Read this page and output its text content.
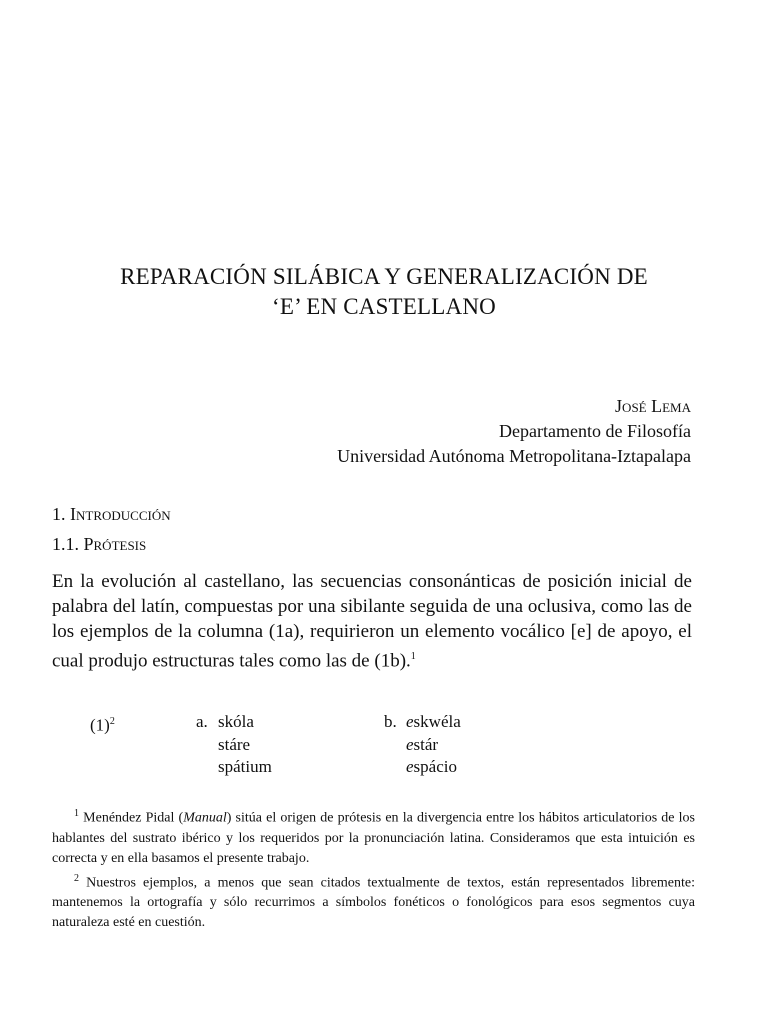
REPARACIÓN SILÁBICA Y GENERALIZACIÓN DE
‘E’ EN CASTELLANO
José Lema
Departamento de Filosofía
Universidad Autónoma Metropolitana-Iztapalapa
1. Introducción
1.1. Prótesis
En la evolución al castellano, las secuencias consonánticas de posición inicial de palabra del latín, compuestas por una sibilante seguida de una oclusiva, como las de los ejemplos de la columna (1a), requirieron un elemento vocálico [e] de apoyo, el cual produjo estructuras tales como las de (1b).$^1$
$(1)^2$	a. skóla
stáre
spátium
b. eskwéla
estár
espácio

$^1$ Menéndez Pidal (Manual) sitúa el origen de prótesis en la divergencia entre los hábitos articulatorios de los hablantes del sustrato ibérico y los requeridos por la pronunciación latina. Consideramos que esta intuición es correcta y en ella basamos el presente trabajo.

$^2$ Nuestros ejemplos, a menos que sean citados textualmente de textos, están representados libremente: mantenemos la ortografía y sólo recurrimos a símbolos fonéticos o fonológicos para esos segmentos cuya naturaleza esté en cuestión.
